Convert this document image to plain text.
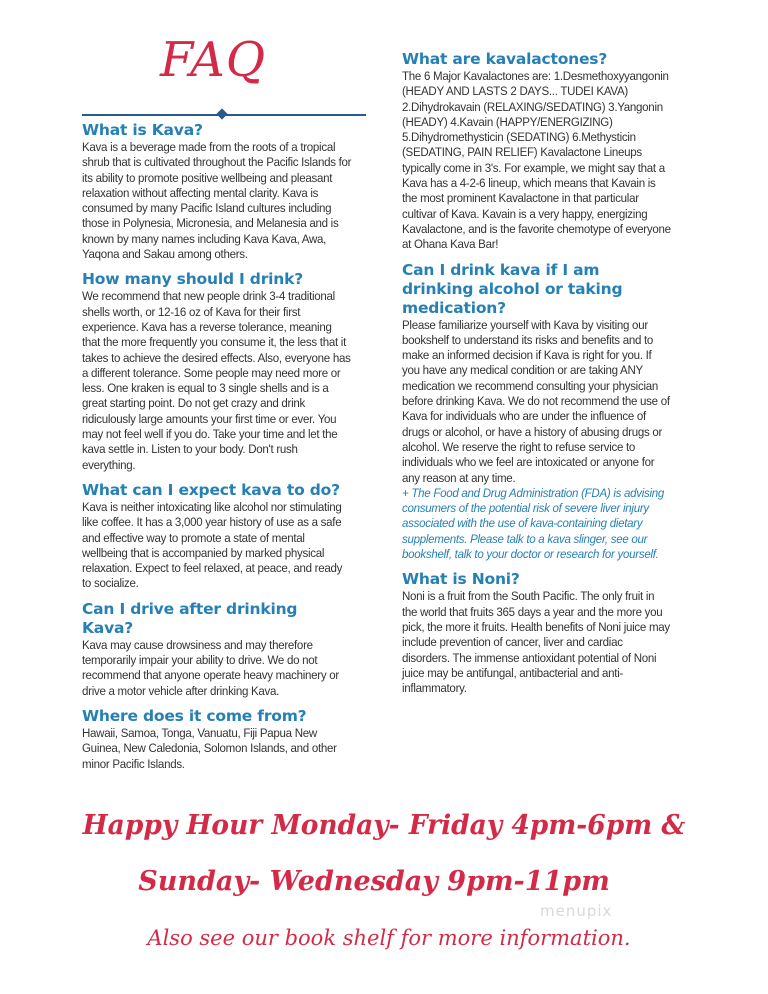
FAQ
What is Kava?

Kava is a beverage made from the roots of a tropical shrub that is cultivated throughout the Pacific Islands for its ability to promote positive wellbeing and pleasant relaxation without affecting mental clarity. Kava is consumed by many Pacific Island cultures including those in Polynesia, Micronesia, and Melanesia and is known by many names including Kava Kava, Awa, Yaqona and Sakau among others.

How many should I drink?

We recommend that new people drink 3-4 traditional shells worth, or 12-16 oz of Kava for their first experience. Kava has a reverse tolerance, meaning that the more frequently you consume it, the less that it takes to achieve the desired effects. Also, everyone has a different tolerance. Some people may need more or less. One kraken is equal to 3 single shells and is a great starting point. Do not get crazy and drink ridiculously large amounts your first time or ever. You may not feel well if you do. Take your time and let the kava settle in. Listen to your body. Don't rush everything.

What can I expect kava to do?

Kava is neither intoxicating like alcohol nor stimulating like coffee. It has a 3,000 year history of use as a safe and effective way to promote a state of mental wellbeing that is accompanied by marked physical relaxation. Expect to feel relaxed, at peace, and ready to socialize.

Can I drive after drinking Kava?

Kava may cause drowsiness and may therefore temporarily impair your ability to drive. We do not recommend that anyone operate heavy machinery or drive a motor vehicle after drinking Kava.

Where does it come from?

Hawaii, Samoa, Tonga, Vanuatu, Fiji Papua New Guinea, New Caledonia, Solomon Islands, and other minor Pacific Islands.

What are kavalactones?

The 6 Major Kavalactones are: 1.Desmethoxyyangonin (HEADY AND LASTS 2 DAYS... TUDEI KAVA) 2.Dihydrokavain (RELAXING/SEDATING) 3.Yangonin (HEADY) 4.Kavain (HAPPY/ENERGIZING) 5.Dihydromethysticin (SEDATING) 6.Methysticin (SEDATING, PAIN RELIEF) Kavalactone Lineups typically come in 3's. For example, we might say that a Kava has a 4-2-6 lineup, which means that Kavain is the most prominent Kavalactone in that particular cultivar of Kava. Kavain is a very happy, energizing Kavalactone, and is the favorite chemotype of everyone at Ohana Kava Bar!

Can I drink kava if I am drinking alcohol or taking medication?

Please familiarize yourself with Kava by visiting our bookshelf to understand its risks and benefits and to make an informed decision if Kava is right for you. If you have any medical condition or are taking ANY medication we recommend consulting your physician before drinking Kava. We do not recommend the use of Kava for individuals who are under the influence of drugs or alcohol, or have a history of abusing drugs or alcohol. We reserve the right to refuse service to individuals who we feel are intoxicated or anyone for any reason at any time.

+ The Food and Drug Administration (FDA) is advising consumers of the potential risk of severe liver injury associated with the use of kava-containing dietary supplements. Please talk to a kava slinger, see our bookshelf, talk to your doctor or research for yourself.

What is Noni?

Noni is a fruit from the South Pacific. The only fruit in the world that fruits 365 days a year and the more you pick, the more it fruits. Health benefits of Noni juice may include prevention of cancer, liver and cardiac disorders. The immense antioxidant potential of Noni juice may be antifungal, antibacterial and anti-inflammatory.

Happy Hour Monday- Friday 4pm-6pm &

Sunday- Wednesday 9pm-11pm

menupix

Also see our book shelf for more information.
